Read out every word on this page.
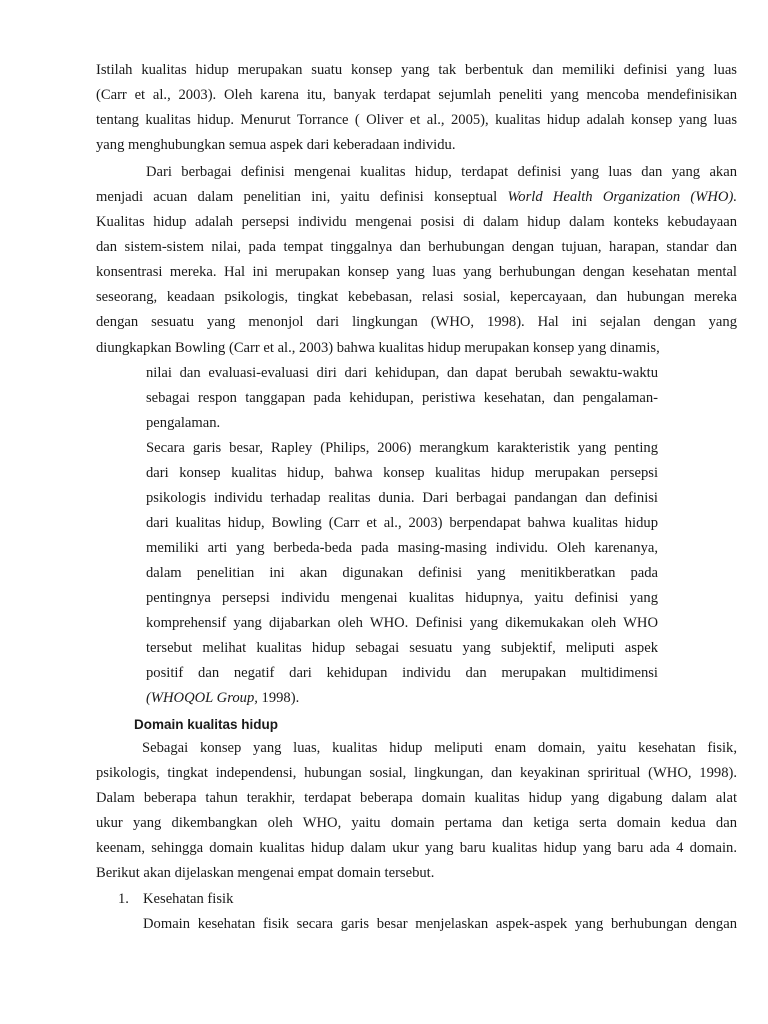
Istilah kualitas hidup merupakan suatu konsep yang tak berbentuk dan memiliki definisi yang luas
(Carr et al., 2003). Oleh karena itu, banyak terdapat sejumlah peneliti yang mencoba mendefinisikan
tentang kualitas hidup. Menurut Torrance ( Oliver et al., 2005), kualitas hidup adalah konsep yang luas
yang menghubungkan semua aspek dari keberadaan individu.
Dari berbagai definisi mengenai kualitas hidup, terdapat definisi yang luas dan yang akan
menjadi acuan dalam penelitian ini, yaitu definisi konseptual World Health Organization (WHO).
Kualitas hidup adalah persepsi individu mengenai posisi di dalam hidup dalam konteks kebudayaan
dan sistem-sistem nilai, pada tempat tinggalnya dan berhubungan dengan tujuan, harapan, standar dan
konsentrasi mereka. Hal ini merupakan konsep yang luas yang berhubungan dengan kesehatan mental
seseorang, keadaan psikologis, tingkat kebebasan, relasi sosial, kepercayaan, dan hubungan mereka
dengan sesuatu yang menonjol dari lingkungan (WHO, 1998). Hal ini sejalan dengan yang
diungkapkan Bowling (Carr et al., 2003) bahwa kualitas hidup merupakan konsep yang dinamis,
nilai dan evaluasi-evaluasi diri dari kehidupan, dan dapat berubah sewaktu-waktu
sebagai respon tanggapan pada kehidupan, peristiwa kesehatan, dan pengalaman-
pengalaman.
Secara garis besar, Rapley (Philips, 2006) merangkum karakteristik yang penting
dari konsep kualitas hidup, bahwa konsep kualitas hidup merupakan persepsi
psikologis individu terhadap realitas dunia. Dari berbagai pandangan dan definisi
dari kualitas hidup, Bowling (Carr et al., 2003) berpendapat bahwa kualitas hidup
memiliki arti yang berbeda-beda pada masing-masing individu. Oleh karenanya,
dalam penelitian ini akan digunakan definisi yang menitikberatkan pada
pentingnya persepsi individu mengenai kualitas hidupnya, yaitu definisi yang
komprehensif yang dijabarkan oleh WHO. Definisi yang dikemukakan oleh WHO
tersebut melihat kualitas hidup sebagai sesuatu yang subjektif, meliputi aspek
positif dan negatif dari kehidupan individu dan merupakan multidimensi
(WHOQOL Group, 1998).
Domain kualitas hidup
Sebagai konsep yang luas, kualitas hidup meliputi enam domain, yaitu kesehatan fisik,
psikologis, tingkat independensi, hubungan sosial, lingkungan, dan keyakinan spriritual (WHO, 1998).
Dalam beberapa tahun terakhir, terdapat beberapa domain kualitas hidup yang digabung dalam alat
ukur yang dikembangkan oleh WHO, yaitu domain pertama dan ketiga serta domain kedua dan
keenam, sehingga domain kualitas hidup dalam ukur yang baru kualitas hidup yang baru ada 4 domain.
Berikut akan dijelaskan mengenai empat domain tersebut.
1. Kesehatan fisik
Domain kesehatan fisik secara garis besar menjelaskan aspek-aspek yang berhubungan dengan
